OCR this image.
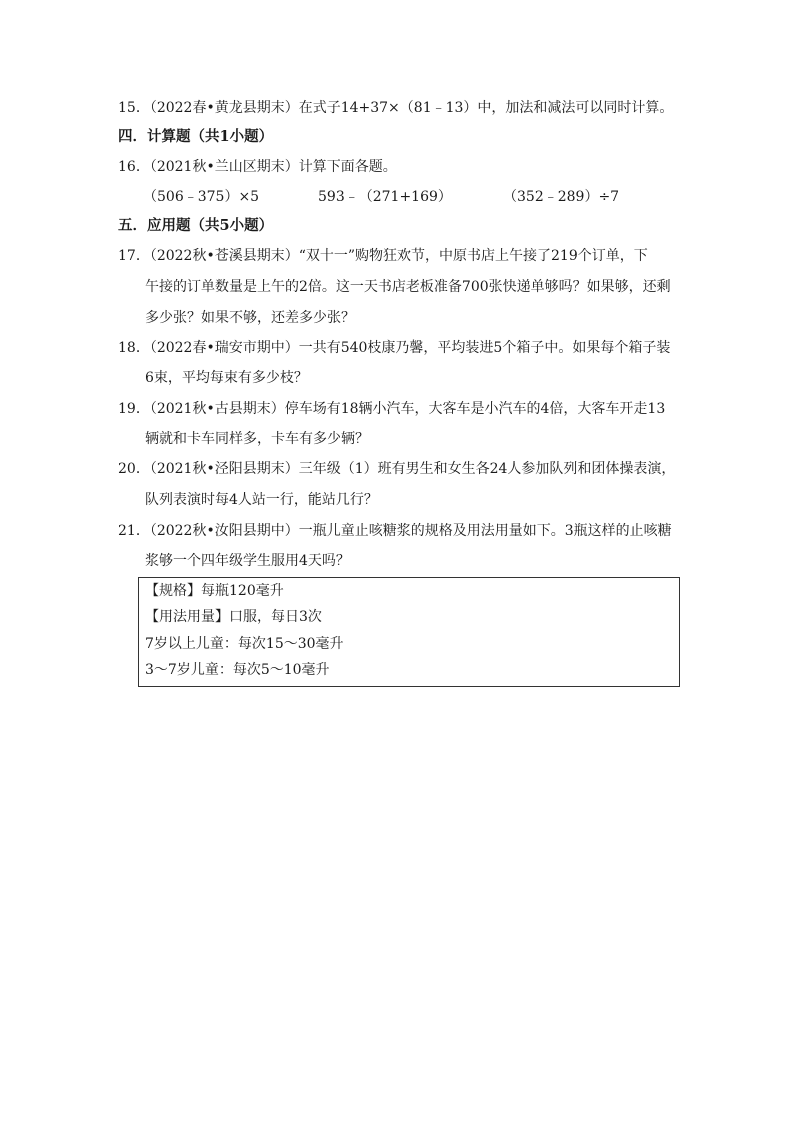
15．（2022春•黄龙县期末）在式子14+37×（81﹣13）中，加法和减法可以同时计算。
四．计算题（共1小题）
16．（2021秋•兰山区期末）计算下面各题。
（506﹣375）×5	593﹣（271+169）	（352﹣289）÷7
五．应用题（共5小题）
17．（2022秋•苍溪县期末）“双十一”购物狂欢节，中原书店上午接了219个订单，下
午接的订单数量是上午的2倍。这一天书店老板准备700张快递单够吗？如果够，还剩
多少张？如果不够，还差多少张？
18．（2022春•瑞安市期中）一共有540枝康乃馨，平均装进5个箱子中。如果每个箱子装
6束，平均每束有多少枝？
19．（2021秋•古县期末）停车场有18辆小汽车，大客车是小汽车的4倍，大客车开走13
辆就和卡车同样多，卡车有多少辆？
20．（2021秋•泾阳县期末）三年级（1）班有男生和女生各24人参加队列和团体操表演，
队列表演时每4人站一行，能站几行？
21．（2022秋•汝阳县期中）一瓶儿童止咳糖浆的规格及用法用量如下。3瓶这样的止咳糖
浆够一个四年级学生服用4天吗？
【规格】每瓶120毫升
【用法用量】口服，每日3次
7岁以上儿童：每次15～30毫升
3～7岁儿童：每次5～10毫升
